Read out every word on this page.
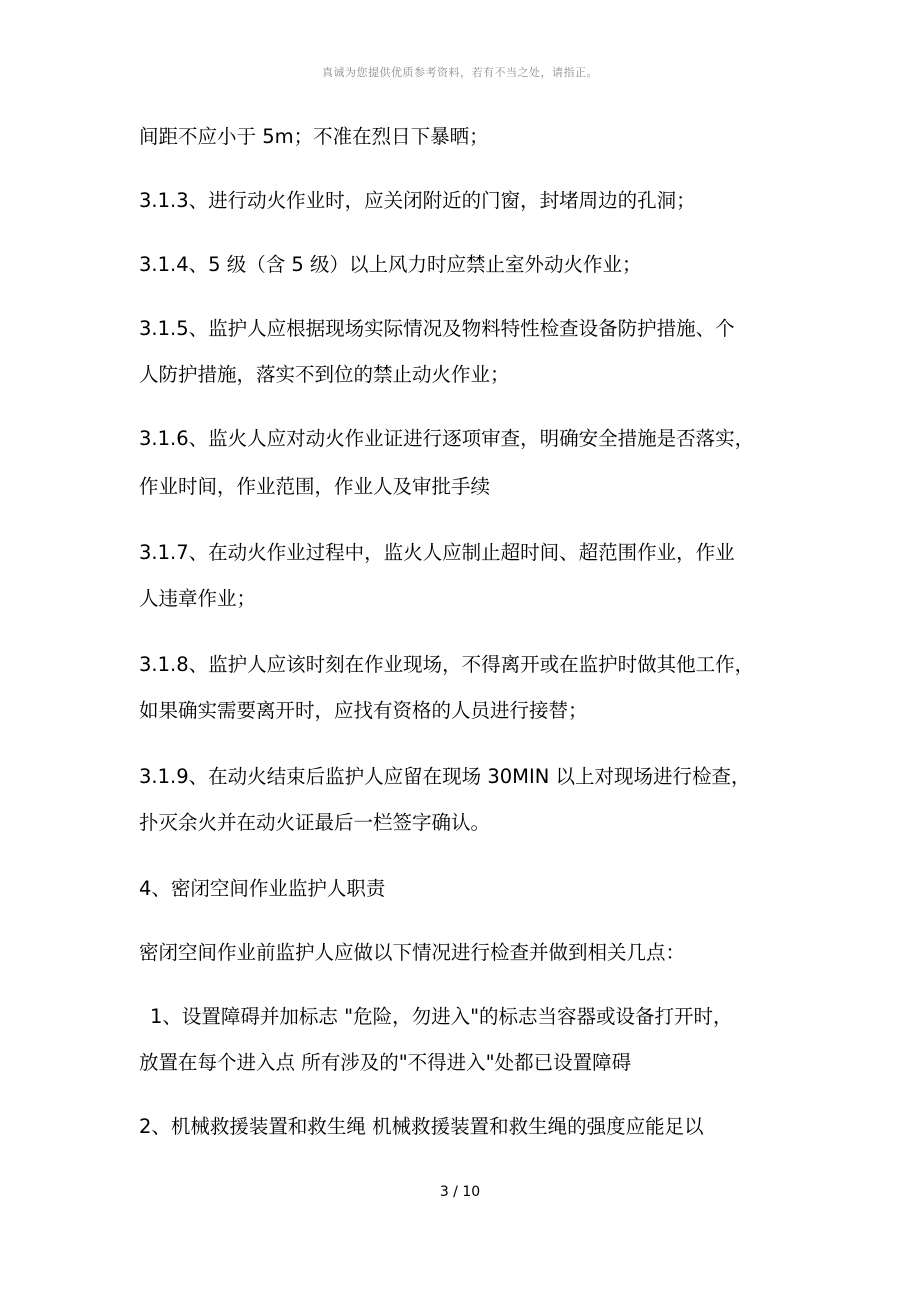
真诚为您提供优质参考资料，若有不当之处，请指正。
间距不应小于 5m；不准在烈日下暴晒；
3.1.3、进行动火作业时，应关闭附近的门窗，封堵周边的孔洞；
3.1.4、5 级（含 5 级）以上风力时应禁止室外动火作业；
3.1.5、监护人应根据现场实际情况及物料特性检查设备防护措施、个
人防护措施，落实不到位的禁止动火作业；
3.1.6、监火人应对动火作业证进行逐项审查，明确安全措施是否落实，
作业时间，作业范围，作业人及审批手续
3.1.7、在动火作业过程中，监火人应制止超时间、超范围作业，作业
人违章作业；
3.1.8、监护人应该时刻在作业现场，不得离开或在监护时做其他工作，
如果确实需要离开时，应找有资格的人员进行接替；
3.1.9、在动火结束后监护人应留在现场 30MIN 以上对现场进行检查，
扑灭余火并在动火证最后一栏签字确认。
4、密闭空间作业监护人职责
密闭空间作业前监护人应做以下情况进行检查并做到相关几点：
1、设置障碍并加标志 "危险，勿进入"的标志当容器或设备打开时，
放置在每个进入点 所有涉及的"不得进入"处都已设置障碍
2、机械救援装置和救生绳 机械救援装置和救生绳的强度应能足以
3 / 10
